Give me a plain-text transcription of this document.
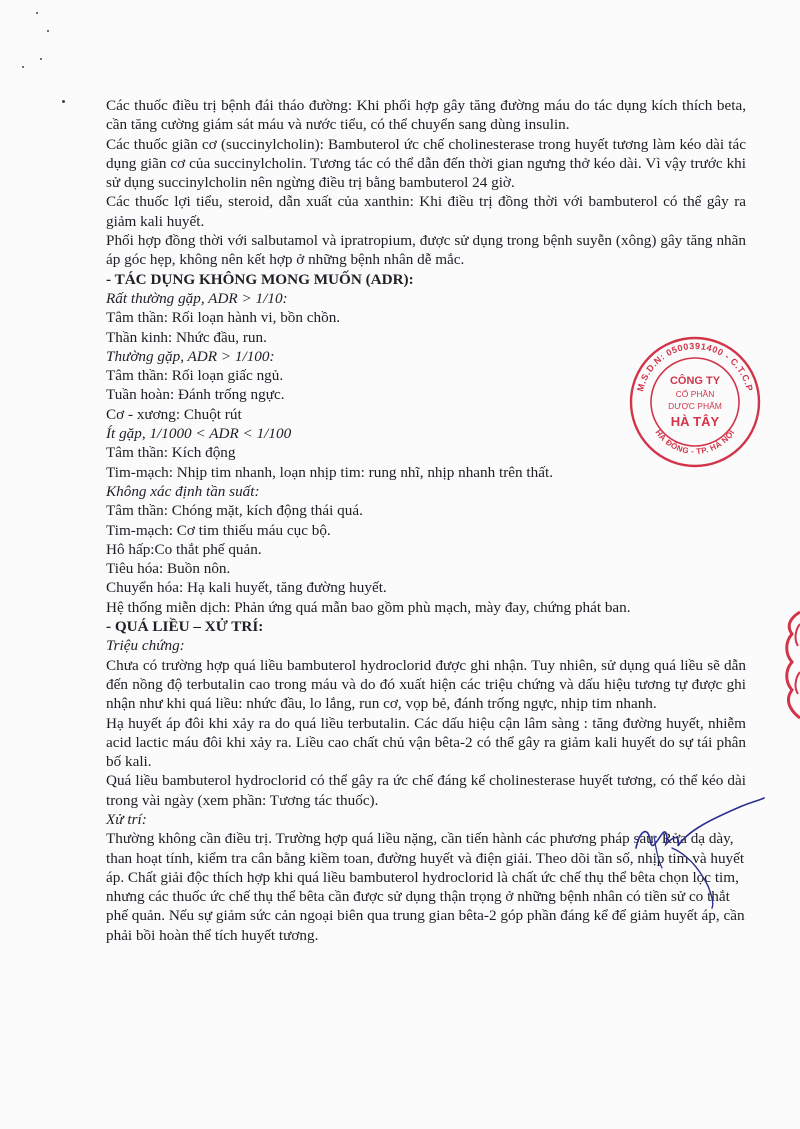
Các thuốc điều trị bệnh đái tháo đường: Khi phối hợp gây tăng đường máu do tác dụng kích thích beta, cần tăng cường giám sát máu và nước tiểu, có thể chuyển sang dùng insulin.

Các thuốc giãn cơ (succinylcholin): Bambuterol ức chế cholinesterase trong huyết tương làm kéo dài tác dụng giãn cơ của succinylcholin. Tương tác có thể dẫn đến thời gian ngưng thở kéo dài. Vì vậy trước khi sử dụng succinylcholin nên ngừng điều trị bằng bambuterol 24 giờ.

Các thuốc lợi tiểu, steroid, dẫn xuất của xanthin: Khi điều trị đồng thời với bambuterol có thể gây ra giảm kali huyết.

Phối hợp đồng thời với salbutamol và ipratropium, được sử dụng trong bệnh suyễn (xông) gây tăng nhãn áp góc hẹp, không nên kết hợp ở những bệnh nhân dễ mắc.

- TÁC DỤNG KHÔNG MONG MUỐN (ADR):

Rất thường gặp, ADR > 1/10:

Tâm thần: Rối loạn hành vi, bồn chồn.

Thần kinh: Nhức đầu, run.

Thường gặp, ADR > 1/100:

Tâm thần: Rối loạn giấc ngủ.

Tuần hoàn: Đánh trống ngực.

Cơ - xương: Chuột rút

Ít gặp, 1/1000 < ADR < 1/100

Tâm thần: Kích động

Tim-mạch: Nhịp tim nhanh, loạn nhịp tim: rung nhĩ, nhịp nhanh trên thất.

Không xác định tần suất:

Tâm thần: Chóng mặt, kích động thái quá.

Tim-mạch: Cơ tim thiếu máu cục bộ.

Hô hấp:Co thắt phế quản.

Tiêu hóa: Buồn nôn.

Chuyển hóa: Hạ kali huyết, tăng đường huyết.

Hệ thống miễn dịch: Phản ứng quá mẫn bao gồm phù mạch, mày đay, chứng phát ban.

- QUÁ LIỀU – XỬ TRÍ:

Triệu chứng:

Chưa có trường hợp quá liều bambuterol hydroclorid được ghi nhận. Tuy nhiên, sử dụng quá liều sẽ dẫn đến nồng độ terbutalin cao trong máu và do đó xuất hiện các triệu chứng và dấu hiệu tương tự được ghi nhận như khi quá liều: nhức đầu, lo lắng, run cơ, vọp bẻ, đánh trống ngực, nhịp tim nhanh.

Hạ huyết áp đôi khi xảy ra do quá liều terbutalin. Các dấu hiệu cận lâm sàng : tăng đường huyết, nhiễm acid lactic máu đôi khi xảy ra. Liều cao chất chủ vận bêta-2 có thể gây ra giảm kali huyết do sự tái phân bố kali.

Quá liều bambuterol hydroclorid có thể gây ra ức chế đáng kể cholinesterase huyết tương, có thể kéo dài trong vài ngày (xem phần: Tương tác thuốc).

Xử trí:

Thường không cần điều trị. Trường hợp quá liều nặng, cần tiến hành các phương pháp sau: Rửa dạ dày, than hoạt tính, kiểm tra cân bằng kiềm toan, đường huyết và điện giải. Theo dõi tần số, nhịp tim và huyết áp. Chất giải độc thích hợp khi quá liều bambuterol hydroclorid là chất ức chế thụ thể bêta chọn lọc tim, nhưng các thuốc ức chế thụ thể bêta cần được sử dụng thận trọng ở những bệnh nhân có tiền sử co thắt phế quản. Nếu sự giảm sức cản ngoại biên qua trung gian bêta-2 góp phần đáng kể để giảm huyết áp, cần phải bồi hoàn thể tích huyết tương.

M.S.D.N: 0500391400 - C.T.C.P
HÀ ĐÔNG - TP. HÀ NỘI
CÔNG TY
CỔ PHẦN
DƯỢC PHẨM
HÀ TÂY
